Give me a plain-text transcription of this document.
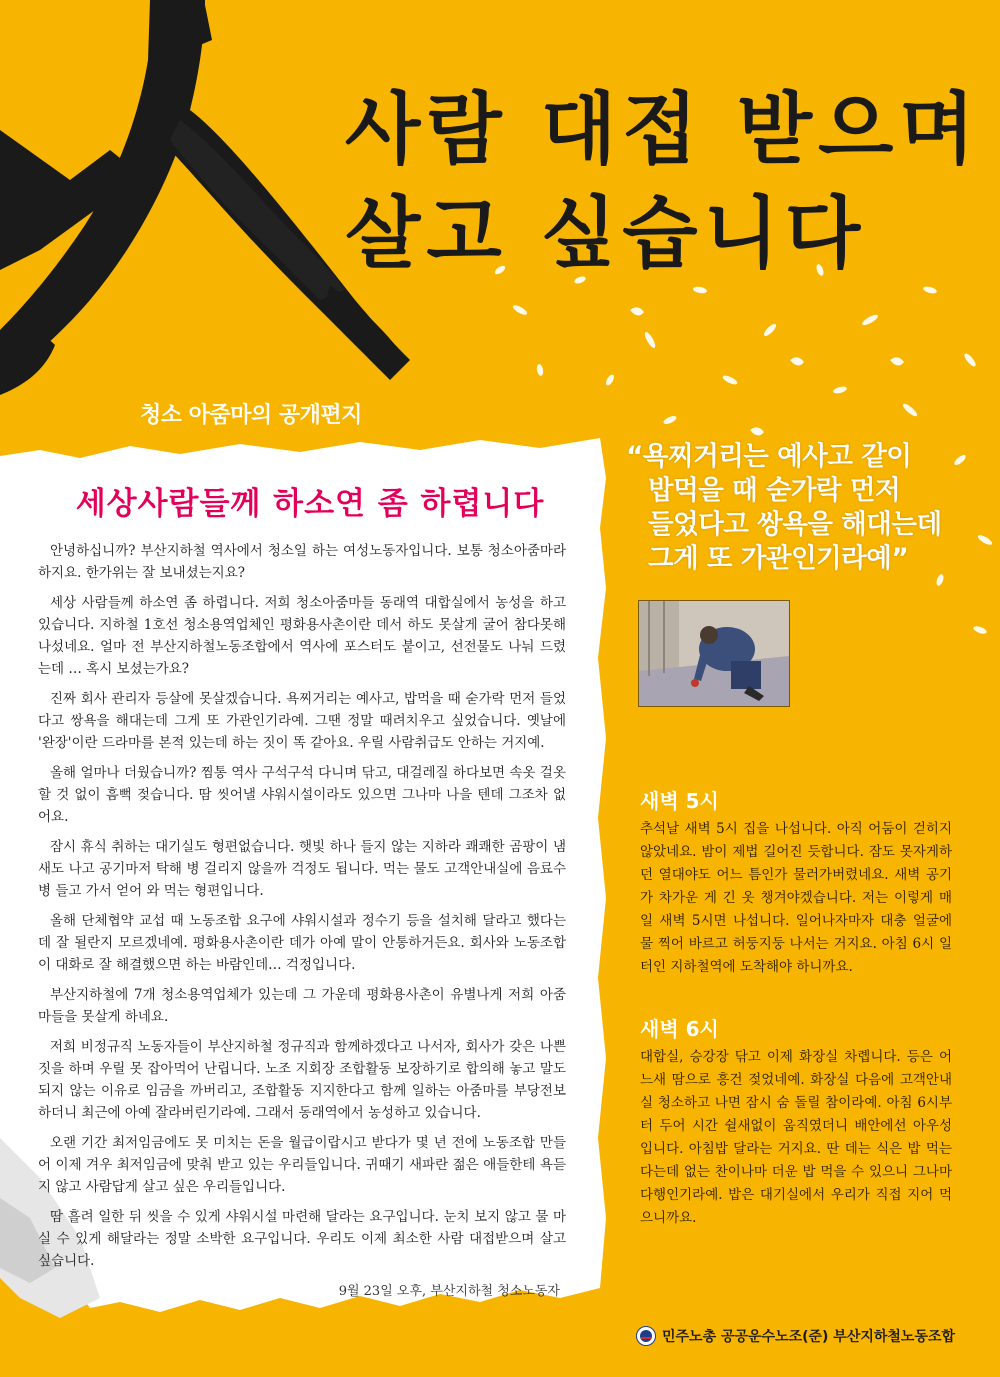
사람 대접 받으며
살고 싶습니다
청소 아줌마의 공개편지
세상사람들께 하소연 좀 하렵니다

안녕하십니까? 부산지하철 역사에서 청소일 하는 여성노동자입니다. 보통 청소아줌마라 하지요. 한가위는 잘 보내셨는지요?

세상 사람들께 하소연 좀 하렵니다. 저희 청소아줌마들 동래역 대합실에서 농성을 하고 있습니다. 지하철 1호선 청소용역업체인 평화용사촌이란 데서 하도 못살게 굴어 참다못해 나섰네요. 얼마 전 부산지하철노동조합에서 역사에 포스터도 붙이고, 선전물도 나눠 드렸는데 … 혹시 보셨는가요?

진짜 회사 관리자 등살에 못살겠습니다. 욕찌거리는 예사고, 밥먹을 때 숟가락 먼저 들었다고 쌍욕을 해대는데 그게 또 가관인기라예. 그땐 정말 때려치우고 싶었습니다. 옛날에 '완장'이란 드라마를 본적 있는데 하는 짓이 똑 같아요. 우릴 사람취급도 안하는 거지예.

올해 얼마나 더웠습니까? 찜통 역사 구석구석 다니며 닦고, 대걸레질 하다보면 속옷 걸옷할 것 없이 흠뻑 젖습니다. 땀 씻어낼 샤워시설이라도 있으면 그나마 나을 텐데 그조차 없어요.

잠시 휴식 취하는 대기실도 형편없습니다. 햇빛 하나 들지 않는 지하라 쾌쾌한 곰팡이 냄새도 나고 공기마저 탁해 병 걸리지 않을까 걱정도 됩니다. 먹는 물도 고객안내실에 음료수병 들고 가서 얻어 와 먹는 형편입니다.

올해 단체협약 교섭 때 노동조합 요구에 샤워시설과 정수기 등을 설치해 달라고 했다는데 잘 될란지 모르겠네예. 평화용사촌이란 데가 아예 말이 안통하거든요. 회사와 노동조합이 대화로 잘 해결했으면 하는 바람인데… 걱정입니다.

부산지하철에 7개 청소용역업체가 있는데 그 가운데 평화용사촌이 유별나게 저희 아줌마들을 못살게 하네요.

저희 비정규직 노동자들이 부산지하철 정규직과 함께하겠다고 나서자, 회사가 갖은 나쁜 짓을 하며 우릴 못 잡아먹어 난립니다. 노조 지회장 조합활동 보장하기로 합의해 놓고 말도 되지 않는 이유로 임금을 까버리고, 조합활동 지지한다고 함께 일하는 아줌마를 부당전보하더니 최근에 아예 잘라버린기라예. 그래서 동래역에서 농성하고 있습니다.

오랜 기간 최저임금에도 못 미치는 돈을 월급이랍시고 받다가 몇 년 전에 노동조합 만들어 이제 겨우 최저임금에 맞춰 받고 있는 우리들입니다. 귀때기 새파란 젊은 애들한테 욕듣지 않고 사람답게 살고 싶은 우리들입니다.

땀 흘려 일한 뒤 씻을 수 있게 샤워시설 마련해 달라는 요구입니다. 눈치 보지 않고 물 마실 수 있게 해달라는 정말 소박한 요구입니다. 우리도 이제 최소한 사람 대접받으며 살고 싶습니다.

9월 23일 오후, 부산지하철 청소노동자
“욕찌거리는 예사고 같이
밥먹을 때 숟가락 먼저
들었다고 쌍욕을 해대는데
그게 또 가관인기라예”
새벽 5시
추석날 새벽 5시 집을 나섭니다. 아직 어둠이 걷히지 않았네요. 밤이 제법 길어진 듯합니다. 잠도 못자게하던 열대야도 어느 틈인가 물러가버렸네요. 새벽 공기가 차가운 게 긴 옷 챙겨야겠습니다. 저는 이렇게 매일 새벽 5시면 나섭니다. 일어나자마자 대충 얼굴에 물 찍어 바르고 허둥지둥 나서는 거지요. 아침 6시 일터인 지하철역에 도착해야 하니까요.
새벽 6시
대합실, 승강장 닦고 이제 화장실 차롑니다. 등은 어느새 땀으로 흥건 젖었네예. 화장실 다음에 고객안내실 청소하고 나면 잠시 숨 돌릴 참이라예. 아침 6시부터 두어 시간 쉴새없이 움직였더니 배안에선 아우성입니다. 아침밥 달라는 거지요. 딴 데는 식은 밥 먹는다는데 없는 찬이나마 더운 밥 먹을 수 있으니 그나마 다행인기라예. 밥은 대기실에서 우리가 직접 지어 먹으니까요.
민주노총 공공운수노조(준) 부산지하철노동조합
